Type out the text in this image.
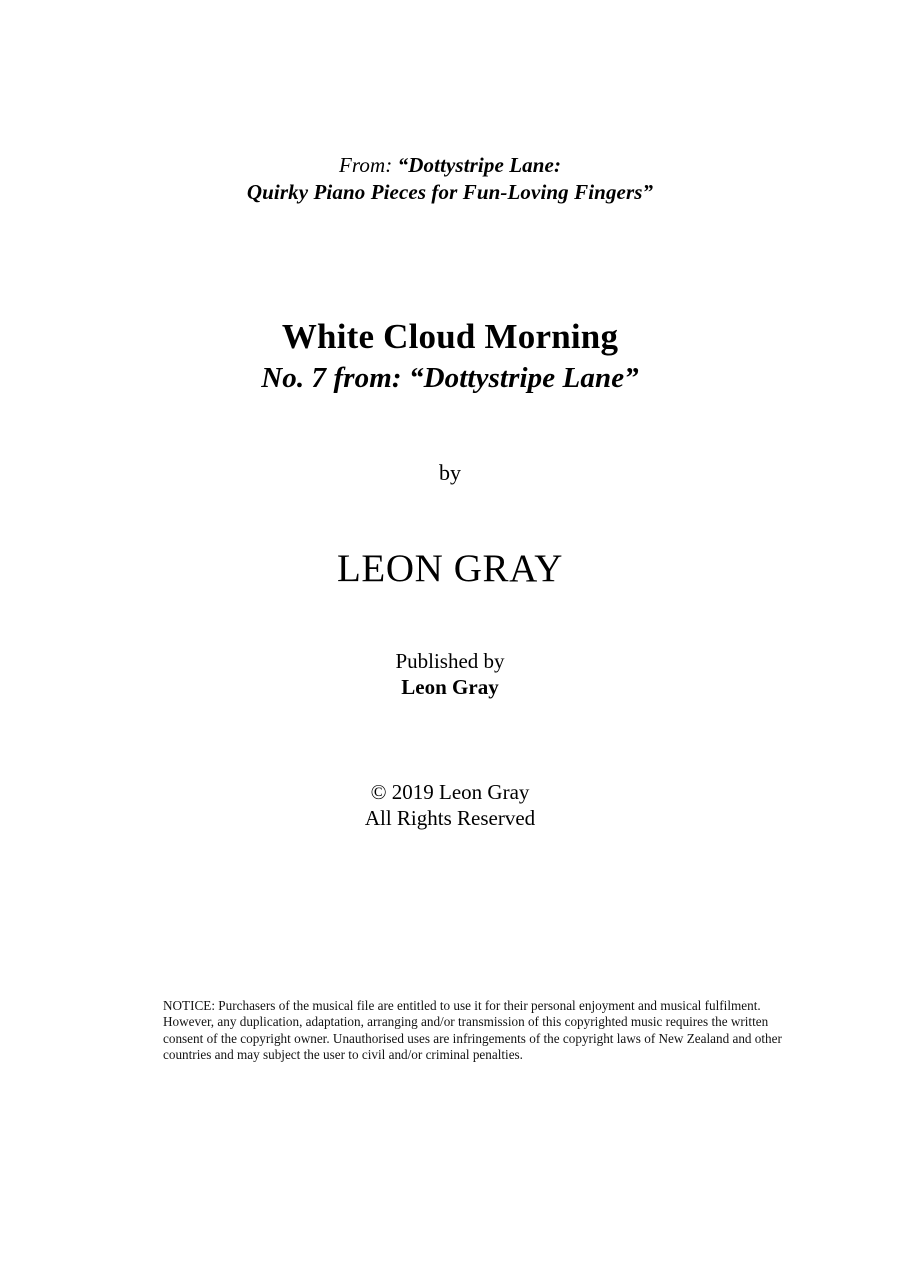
From: “Dottystripe Lane:
Quirky Piano Pieces for Fun-Loving Fingers”
White Cloud Morning
No. 7 from: “Dottystripe Lane”
by
LEON GRAY
Published by
Leon Gray
© 2019 Leon Gray
All Rights Reserved
NOTICE: Purchasers of the musical file are entitled to use it for their personal enjoyment and musical fulfilment. However, any duplication, adaptation, arranging and/or transmission of this copyrighted music requires the written consent of the copyright owner. Unauthorised uses are infringements of the copyright laws of New Zealand and other countries and may subject the user to civil and/or criminal penalties.
